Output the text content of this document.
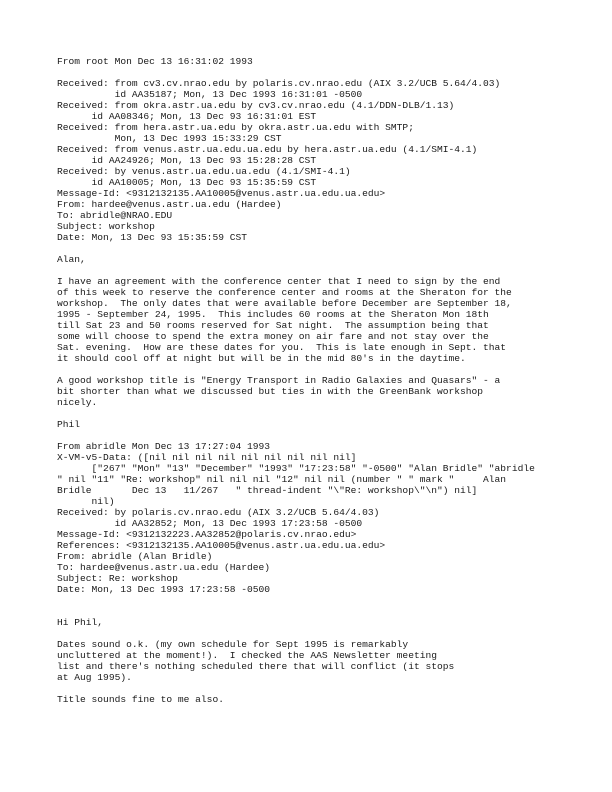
From root Mon Dec 13 16:31:02 1993
Received: from cv3.cv.nrao.edu by polaris.cv.nrao.edu (AIX 3.2/UCB 5.64/4.03)
id AA35187; Mon, 13 Dec 1993 16:31:01 -0500
Received: from okra.astr.ua.edu by cv3.cv.nrao.edu (4.1/DDN-DLB/1.13)
id AA08346; Mon, 13 Dec 93 16:31:01 EST
Received: from hera.astr.ua.edu by okra.astr.ua.edu with SMTP;
Mon, 13 Dec 1993 15:33:29 CST
Received: from venus.astr.ua.edu.ua.edu by hera.astr.ua.edu (4.1/SMI-4.1)
id AA24926; Mon, 13 Dec 93 15:28:28 CST
Received: by venus.astr.ua.edu.ua.edu (4.1/SMI-4.1)
id AA10005; Mon, 13 Dec 93 15:35:59 CST
Message-Id: <9312132135.AA10005@venus.astr.ua.edu.ua.edu>
From: hardee@venus.astr.ua.edu (Hardee)
To: abridle@NRAO.EDU
Subject: workshop
Date: Mon, 13 Dec 93 15:35:59 CST
Alan,
I have an agreement with the conference center that I need to sign by the end
of this week to reserve the conference center and rooms at the Sheraton for the
workshop.  The only dates that were available before December are September 18,
1995 - September 24, 1995.  This includes 60 rooms at the Sheraton Mon 18th
till Sat 23 and 50 rooms reserved for Sat night.  The assumption being that
some will choose to spend the extra money on air fare and not stay over the
Sat. evening.  How are these dates for you.  This is late enough in Sept. that
it should cool off at night but will be in the mid 80's in the daytime.
A good workshop title is "Energy Transport in Radio Galaxies and Quasars" - a
bit shorter than what we discussed but ties in with the GreenBank workshop
nicely.
Phil
From abridle Mon Dec 13 17:27:04 1993
X-VM-v5-Data: ([nil nil nil nil nil nil nil nil nil]
["267" "Mon" "13" "December" "1993" "17:23:58" "-0500" "Alan Bridle" "abridle
" nil "11" "Re: workshop" nil nil nil "12" nil nil (number " " mark "     Alan
Bridle       Dec 13   11/267   " thread-indent "\"Re: workshop\"\n") nil]
nil)
Received: by polaris.cv.nrao.edu (AIX 3.2/UCB 5.64/4.03)
id AA32852; Mon, 13 Dec 1993 17:23:58 -0500
Message-Id: <9312132223.AA32852@polaris.cv.nrao.edu>
References: <9312132135.AA10005@venus.astr.ua.edu.ua.edu>
From: abridle (Alan Bridle)
To: hardee@venus.astr.ua.edu (Hardee)
Subject: Re: workshop
Date: Mon, 13 Dec 1993 17:23:58 -0500
Hi Phil,
Dates sound o.k. (my own schedule for Sept 1995 is remarkably
uncluttered at the moment!).  I checked the AAS Newsletter meeting
list and there's nothing scheduled there that will conflict (it stops
at Aug 1995).
Title sounds fine to me also.
